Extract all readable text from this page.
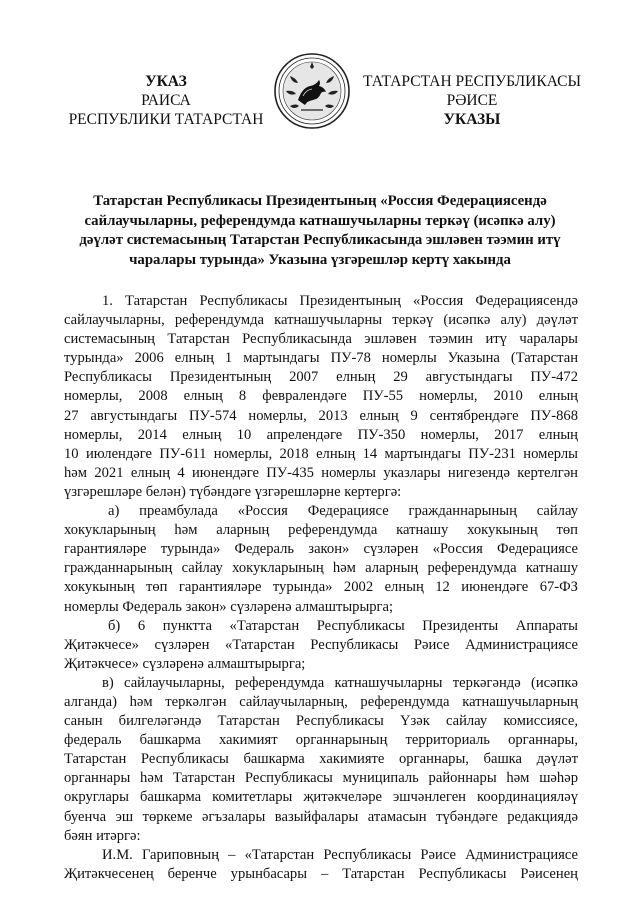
УКАЗ
РАИСА
РЕСПУБЛИКИ ТАТАРСТАН
ТАТАРСТАН РЕСПУБЛИКАСЫ
РӘИСЕ
УКАЗЫ
Татарстан Республикасы Президентының «Россия Федерациясендә
сайлаучыларны, референдумда катнашучыларны теркәү (исәпкә алу)
дәүләт системасының Татарстан Республикасында эшләвен тәэмин итү
чаралары турында» Указына үзгәрешләр кертү хакында
1. Татарстан Республикасы Президентының «Россия Федерациясендә
сайлаучыларны, референдумда катнашучыларны теркәү (исәпкә алу) дәүләт
системасының Татарстан Республикасында эшләвен тәэмин итү чаралары
турында» 2006 елның 1 мартындагы ПУ-78 номерлы Указына (Татарстан
Республикасы Президентының 2007 елның 29 августындагы ПУ-472
номерлы, 2008 елның 8 февралендәге ПУ-55 номерлы, 2010 елның
27 августындагы ПУ-574 номерлы, 2013 елның 9 сентябрендәге ПУ-868
номерлы, 2014 елның 10 апрелендәге ПУ-350 номерлы, 2017 елның
10 июлендәге ПУ-611 номерлы, 2018 елның 14 мартындагы ПУ-231 номерлы
һәм 2021 елның 4 июнендәге ПУ-435 номерлы указлары нигезендә кертелгән
үзгәрешләре белән) түбәндәге үзгәрешләрне кертергә:
а) преамбулада «Россия Федерациясе гражданнарының сайлау
хокукларының һәм аларның референдумда катнашу хокукының төп
гарантияләре турында» Федераль закон» сүзләрен «Россия Федерациясе
гражданнарының сайлау хокукларының һәм аларның референдумда катнашу
хокукының төп гарантияләре турында» 2002 елның 12 июнендәге 67-ФЗ
номерлы Федераль закон» сүзләренә алмаштырырга;
б) 6 пунктта «Татарстан Республикасы Президенты Аппараты
Җитәкчесе» сүзләрен «Татарстан Республикасы Рәисе Администрациясе
Җитәкчесе» сүзләренә алмаштырырга;
в) сайлаучыларны, референдумда катнашучыларны теркәгәндә (исәпкә
алганда) һәм теркәлгән сайлаучыларның, референдумда катнашучыларның
санын билгеләгәндә Татарстан Республикасы Үзәк сайлау комиссиясе,
федераль башкарма хакимият органнарының территориаль органнары,
Татарстан Республикасы башкарма хакимияте органнары, башка дәүләт
органнары һәм Татарстан Республикасы муниципаль районнары һәм шәһәр
округлары башкарма комитетлары җитәкчеләре эшчәнлеген координацияләү
буенча эш төркеме әгъзалары вазыйфалары атамасын түбәндәге редакциядә
бәян итәргә:
И.М. Гариповның – «Татарстан Республикасы Рәисе Администрациясе
Җитәкчесенең беренче урынбасары – Татарстан Республикасы Рәисенең
